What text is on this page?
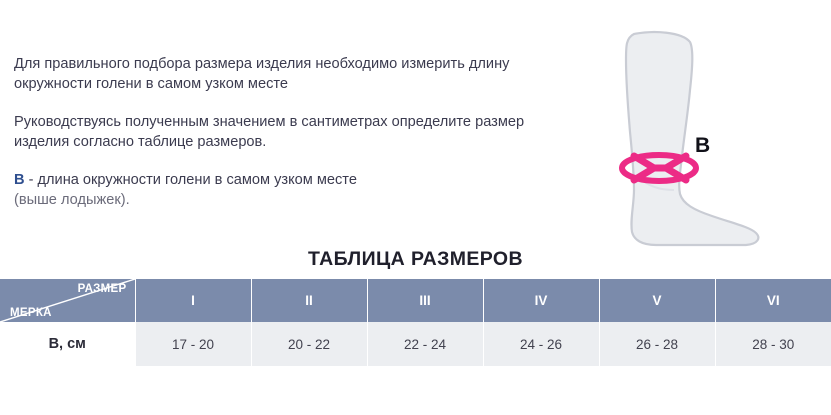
Для правильного подбора размера изделия необходимо измерить длину окружности голени в самом узком месте

Руководствуясь полученным значением в сантиметрах определите размер изделия согласно таблице размеров.

B - длина окружности голени в самом узком месте
(выше лодыжек).

B
ТАБЛИЦА РАЗМЕРОВ
РАЗМЕР
МЕРКА	I	II	III	IV	V	VI
B, см	17 - 20	20 - 22	22 - 24	24 - 26	26 - 28	28 - 30
